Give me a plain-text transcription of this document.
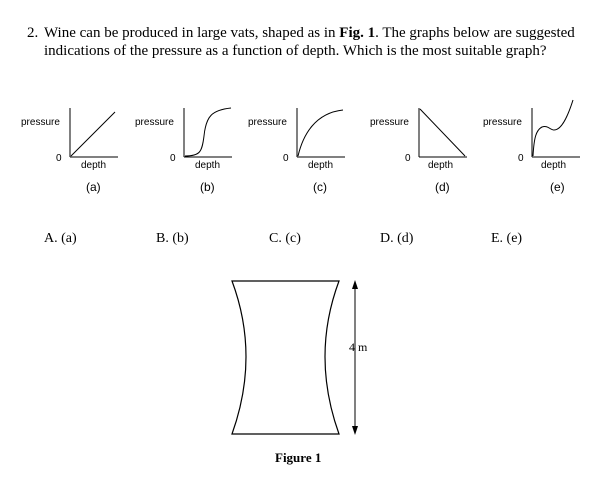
2. Wine can be produced in large vats, shaped as in Fig. 1. The graphs below are suggested
indications of the pressure as a function of depth. Which is the most suitable graph?
pressure
0
depth
(a)
pressure
0
depth
(b)
pressure
0
depth
(c)
pressure
0
depth
(d)
pressure
0
depth
(e)
A. (a)	B. (b)	C. (c)	D. (d)	E. (e)
4 m
Figure 1
